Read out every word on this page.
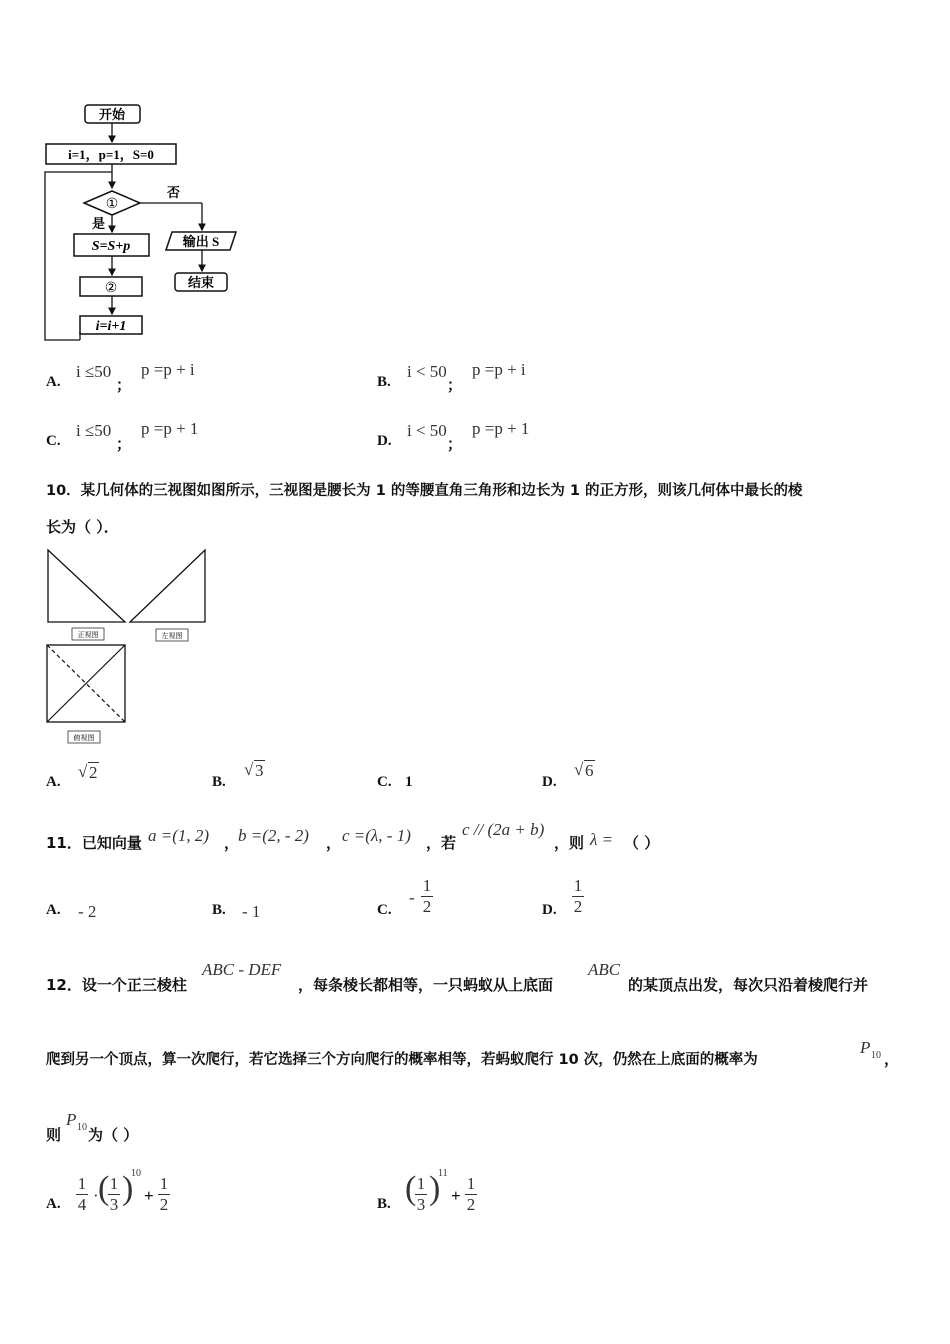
开始
i=1，p=1，S=0
①
否
输出 S
结束
是
S=S+p
②
i=i+1
A.
i ≤50
；
p =p + i
B.
i < 50
；
p =p + i
C.
i ≤50
；
p =p + 1
D.
i < 50
；
p =p + 1
10．某几何体的三视图如图所示，三视图是腰长为 1 的等腰直角三角形和边长为 1 的正方形，则该几何体中最长的棱
长为（ ）．
正视图	左视图
俯视图
A.
√ 2	B.
√ 3
C. 1	D.
√ 6
11．已知向量 a =(1, 2) ，
b =(2, - 2) ， c =(λ, - 1) ，若
c // (2a + b)
，则 λ = （ ）
A. - 2	B. - 1	C.
-
1
2	D.
1
2
12．设一个正三棱柱
ABC - DEF
，每条棱长都相等，一只蚂蚁从上底面
ABC
的某顶点出发，每次只沿着棱爬行并
爬到另一个顶点，算一次爬行，若它选择三个方向爬行的概率相等，若蚂蚁爬行 10 次，仍然在上底面的概率为
P 10 ，
则
P 10 为（ ）
A.
1
4 · ( 1
3 )
10
+
1
2	B. ( 1
3 )
11
+
1
2
